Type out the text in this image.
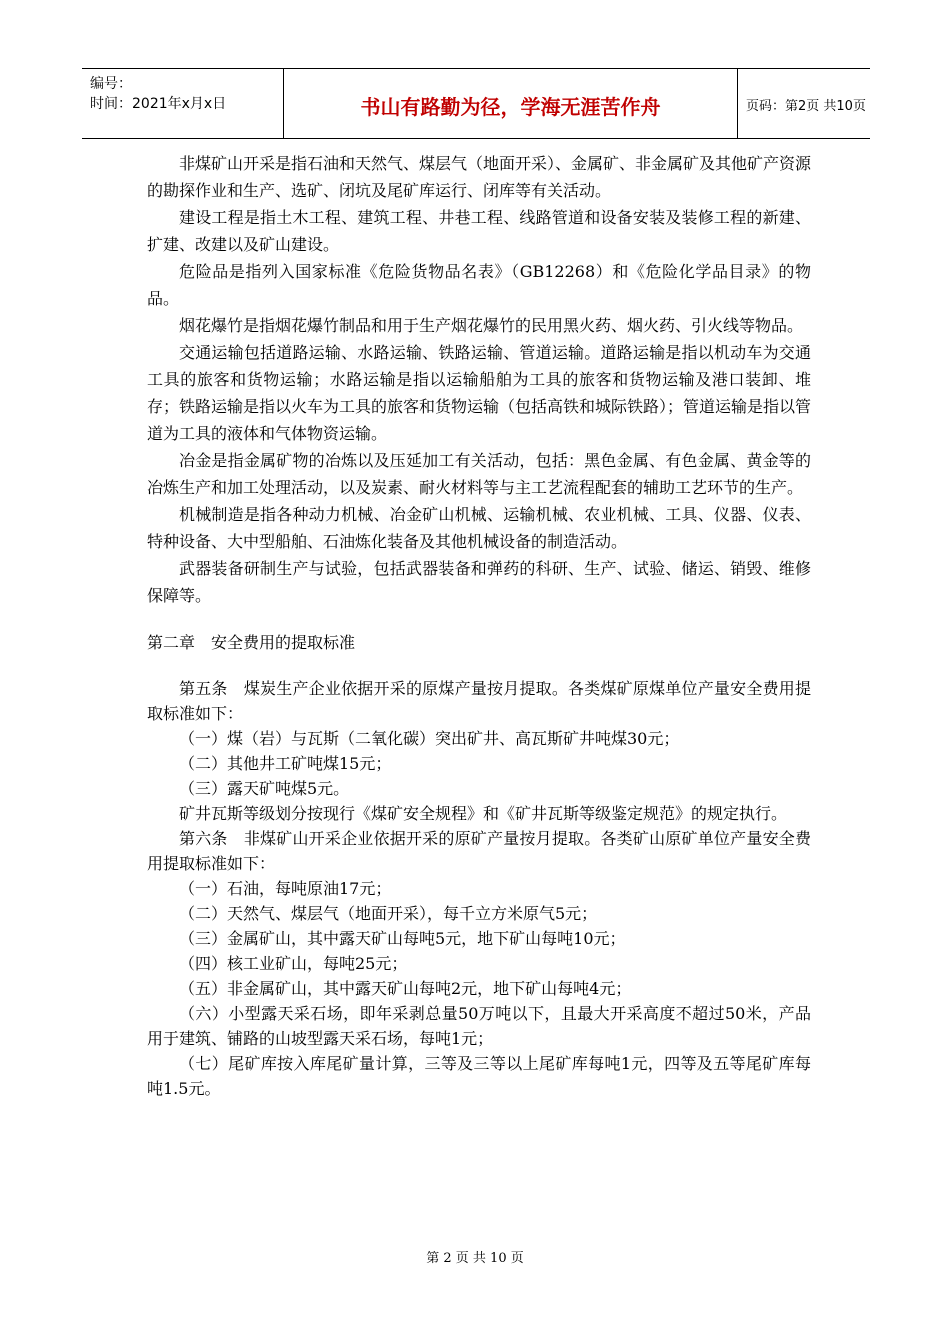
编号：
时间：2021年x月x日	书山有路勤为径，学海无涯苦作舟	页码：第2页 共10页

非煤矿山开采是指石油和天然气、煤层气（地面开采）、金属矿、非金属矿及其他矿产资源的勘探作业和生产、选矿、闭坑及尾矿库运行、闭库等有关活动。

建设工程是指土木工程、建筑工程、井巷工程、线路管道和设备安装及装修工程的新建、扩建、改建以及矿山建设。

危险品是指列入国家标准《危险货物品名表》（GB12268）和《危险化学品目录》的物品。

烟花爆竹是指烟花爆竹制品和用于生产烟花爆竹的民用黑火药、烟火药、引火线等物品。

交通运输包括道路运输、水路运输、铁路运输、管道运输。道路运输是指以机动车为交通工具的旅客和货物运输；水路运输是指以运输船舶为工具的旅客和货物运输及港口装卸、堆存；铁路运输是指以火车为工具的旅客和货物运输（包括高铁和城际铁路）；管道运输是指以管道为工具的液体和气体物资运输。

冶金是指金属矿物的冶炼以及压延加工有关活动，包括：黑色金属、有色金属、黄金等的冶炼生产和加工处理活动，以及炭素、耐火材料等与主工艺流程配套的辅助工艺环节的生产。

机械制造是指各种动力机械、冶金矿山机械、运输机械、农业机械、工具、仪器、仪表、特种设备、大中型船舶、石油炼化装备及其他机械设备的制造活动。

武器装备研制生产与试验，包括武器装备和弹药的科研、生产、试验、储运、销毁、维修保障等。

第二章　安全费用的提取标准

第五条　煤炭生产企业依据开采的原煤产量按月提取。各类煤矿原煤单位产量安全费用提取标准如下：

（一）煤（岩）与瓦斯（二氧化碳）突出矿井、高瓦斯矿井吨煤30元；

（二）其他井工矿吨煤15元；

（三）露天矿吨煤5元。

矿井瓦斯等级划分按现行《煤矿安全规程》和《矿井瓦斯等级鉴定规范》的规定执行。

第六条　非煤矿山开采企业依据开采的原矿产量按月提取。各类矿山原矿单位产量安全费用提取标准如下：

（一）石油，每吨原油17元；

（二）天然气、煤层气（地面开采），每千立方米原气5元；

（三）金属矿山，其中露天矿山每吨5元，地下矿山每吨10元；

（四）核工业矿山，每吨25元；

（五）非金属矿山，其中露天矿山每吨2元，地下矿山每吨4元；

（六）小型露天采石场，即年采剥总量50万吨以下，且最大开采高度不超过50米，产品用于建筑、铺路的山坡型露天采石场，每吨1元；

（七）尾矿库按入库尾矿量计算，三等及三等以上尾矿库每吨1元，四等及五等尾矿库每吨1.5元。

第 2 页 共 10 页
